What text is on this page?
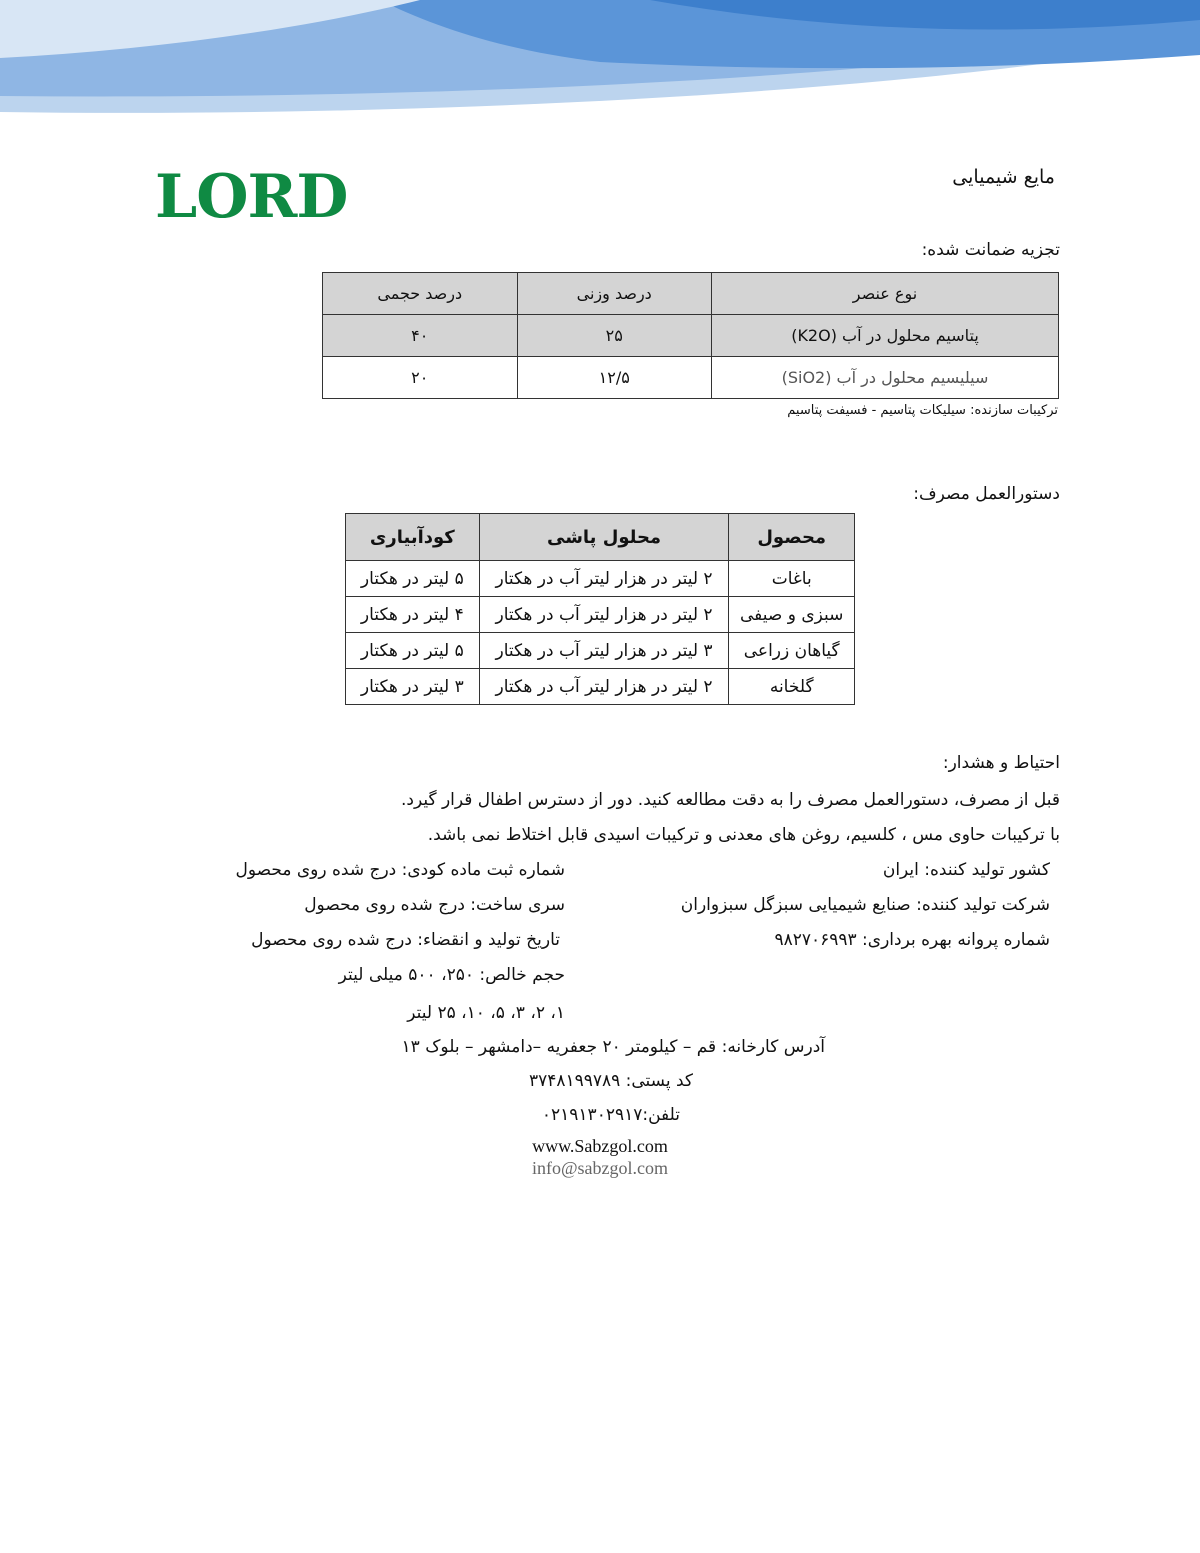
LORD	مایع شیمیایی
تجزیه ضمانت شده:
نوع عنصر	درصد وزنی	درصد حجمی
پتاسیم محلول در آب (K2O)	۲۵	۴۰
سیلیسیم محلول در آب (SiO2)	۱۲/۵	۲۰
ترکیبات سازنده: سیلیکات پتاسیم - فسیفت پتاسیم
دستورالعمل مصرف:
محصول	محلول پاشی	کودآبیاری
باغات	۲ لیتر در هزار لیتر آب در هکتار	۵ لیتر در هکتار
سبزی و صیفی	۲ لیتر در هزار لیتر آب در هکتار	۴ لیتر در هکتار
گیاهان زراعی	۳ لیتر در هزار لیتر آب در هکتار	۵ لیتر در هکتار
گلخانه	۲ لیتر در هزار لیتر آب در هکتار	۳ لیتر در هکتار
احتیاط و هشدار:
قبل از مصرف، دستورالعمل مصرف را به دقت مطالعه کنید. دور از دسترس اطفال قرار گیرد.
با ترکیبات حاوی مس ، کلسیم، روغن های معدنی و ترکیبات اسیدی قابل اختلاط نمی باشد.
کشور تولید کننده: ایران
شرکت تولید کننده: صنایع شیمیایی سبزگل سبزواران
شماره پروانه بهره برداری: ۹۸۲۷۰۶۹۹۳
شماره ثبت ماده کودی: درج شده روی محصول
سری ساخت: درج شده روی محصول
تاریخ تولید و انقضاء: درج شده روی محصول
حجم خالص: ۲۵۰، ۵۰۰ میلی لیتر
۱، ۲، ۳، ۵، ۱۰، ۲۵ لیتر
آدرس کارخانه: قم – کیلومتر ۲۰ جعفریه –دامشهر – بلوک ۱۳
کد پستی: ۳۷۴۸۱۹۹۷۸۹
تلفن:۰۲۱۹۱۳۰۲۹۱۷
www.Sabzgol.com
info@sabzgol.com
